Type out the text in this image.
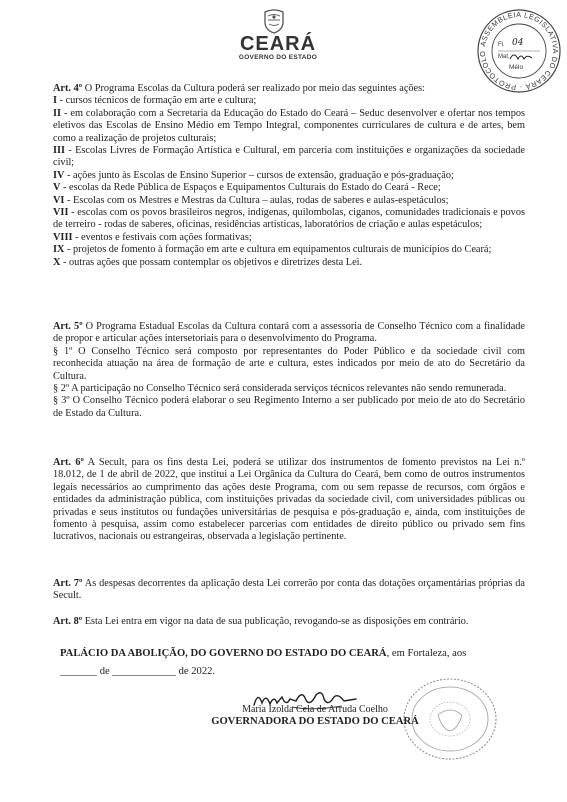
CEARÁ
GOVERNO DO ESTADO
ASSEMBLEIA LEGISLATIVA DO CEARÁ · PROTOCOLO
Fl. 04
Mat.
Mélo

Art. 4º O Programa Escolas da Cultura poderá ser realizado por meio das seguintes ações:

I - cursos técnicos de formação em arte e cultura;

II - em colaboração com a Secretaria da Educação do Estado do Ceará – Seduc desenvolver e ofertar nos tempos eletivos das Escolas de Ensino Médio em Tempo Integral, componentes curriculares de cultura e de artes, bem como a realização de projetos culturais;

III - Escolas Livres de Formação Artística e Cultural, em parceria com instituições e organizações da sociedade civil;

IV - ações junto às Escolas de Ensino Superior – cursos de extensão, graduação e pós-graduação;

V - escolas da Rede Pública de Espaços e Equipamentos Culturais do Estado do Ceará - Rece;

VI - Escolas com os Mestres e Mestras da Cultura – aulas, rodas de saberes e aulas-espetáculos;

VII - escolas com os povos brasileiros negros, indígenas, quilombolas, ciganos, comunidades tradicionais e povos de terreiro - rodas de saberes, oficinas, residências artísticas, laboratórios de criação e aulas espetáculos;

VIII - eventos e festivais com ações formativas;

IX - projetos de fomento à formação em arte e cultura em equipamentos culturais de municípios do Ceará;

X - outras ações que possam contemplar os objetivos e diretrizes desta Lei.

Art. 5º O Programa Estadual Escolas da Cultura contará com a assessoria de Conselho Técnico com a finalidade de propor e articular ações intersetoriais para o desenvolvimento do Programa.

§ 1º O Conselho Técnico será composto por representantes do Poder Público e da sociedade civil com reconhecida atuação na área de formação de arte e cultura, estes indicados por meio de ato do Secretário da Cultura.

§ 2º A participação no Conselho Técnico será considerada serviços técnicos relevantes não sendo remunerada.

§ 3º O Conselho Técnico poderá elaborar o seu Regimento Interno a ser publicado por meio de ato do Secretário de Estado da Cultura.

Art. 6º A Secult, para os fins desta Lei, poderá se utilizar dos instrumentos de fomento previstos na Lei n.º 18.012, de 1 de abril de 2022, que institui a Lei Orgânica da Cultura do Ceará, bem como de outros instrumentos legais necessários ao cumprimento das ações deste Programa, com ou sem repasse de recursos, com órgãos e entidades da administração pública, com instituições privadas da sociedade civil, com universidades públicas ou privadas e seus institutos ou fundações universitárias de pesquisa e pós-graduação e, ainda, com instituições de fomento à pesquisa, assim como estabelecer parcerias com entidades de direito público ou privado sem fins lucrativos, nacionais ou estrangeiras, observada a legislação pertinente.

Art. 7º As despesas decorrentes da aplicação desta Lei correrão por conta das dotações orçamentárias próprias da Secult.

Art. 8º Esta Lei entra em vigor na data de sua publicação, revogando-se as disposições em contrário.

PALÁCIO DA ABOLIÇÃO, DO GOVERNO DO ESTADO DO CEARÁ, em Fortaleza, aos

_______ de ____________ de 2022.

Maria Izolda Cela de Arruda Coelho

GOVERNADORA DO ESTADO DO CEARÁ
